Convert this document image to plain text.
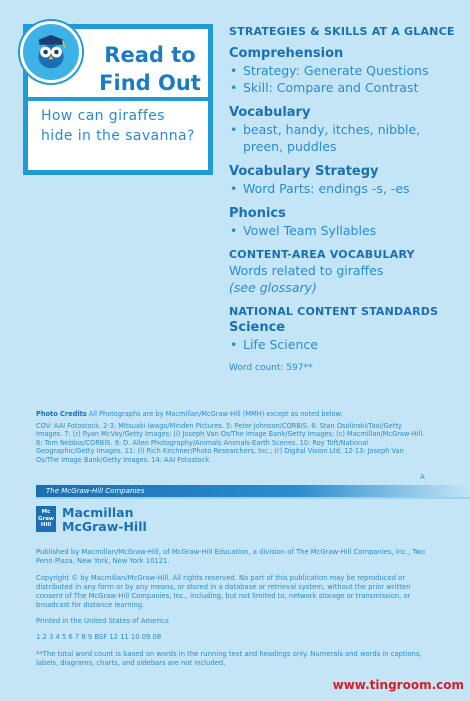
Read to
Find Out
How can giraffes hide in the savanna?
STRATEGIES & SKILLS AT A GLANCE
Comprehension
• Strategy: Generate Questions
• Skill: Compare and Contrast
Vocabulary
• beast, handy, itches, nibble, preen, puddles
Vocabulary Strategy
• Word Parts: endings -s, -es
Phonics
• Vowel Team Syllables
CONTENT-AREA VOCABULARY
Words related to giraffes
(see glossary)
NATIONAL CONTENT STANDARDS
Science
• Life Science
Word count: 597**
Photo Credits All Photographs are by Macmillan/McGraw-Hill (MMH) except as noted below:
COV: AAI Fotostock. 2-3: Mitsuaki Iwago/Minden Pictures. 5: Peter Johnson/CORBIS. 6: Stan Osolinski/Taxi/Getty Images. 7: (r) Ryan McVay/Getty Images; (l) Joseph Van Os/The Image Bank/Getty Images; (c) Macmillan/McGraw-Hill. 8: Tom Nebbia/CORBIS. 9: D. Allen Photography/Animals Animals-Earth Scenes. 10: Roy Toft/National Geographic/Getty Images. 11: (l) Rich Kirchner/Photo Researchers, Inc.; (r) Digital Vision Ltd. 12-13: Joseph Van Os/The Image Bank/Getty Images. 14: AAI Fotostock.
A
The McGraw-Hill Companies
Mc Graw Hill
Macmillan
McGraw-Hill
Published by Macmillan/McGraw-Hill, of McGraw-Hill Education, a division of The McGraw-Hill Companies, Inc., Two Penn Plaza, New York, New York 10121.
Copyright © by Macmillan/McGraw-Hill. All rights reserved. No part of this publication may be reproduced or distributed in any form or by any means, or stored in a database or retrieval system, without the prior written consent of The McGraw-Hill Companies, Inc., including, but not limited to, network storage or transmission, or broadcast for distance learning.
Printed in the United States of America
1 2 3 4 5 6 7 8 9 BSF 12 11 10 09 08
**The total word count is based on words in the running text and headings only. Numerals and words in captions, labels, diagrams, charts, and sidebars are not included.
www.tingroom.com
